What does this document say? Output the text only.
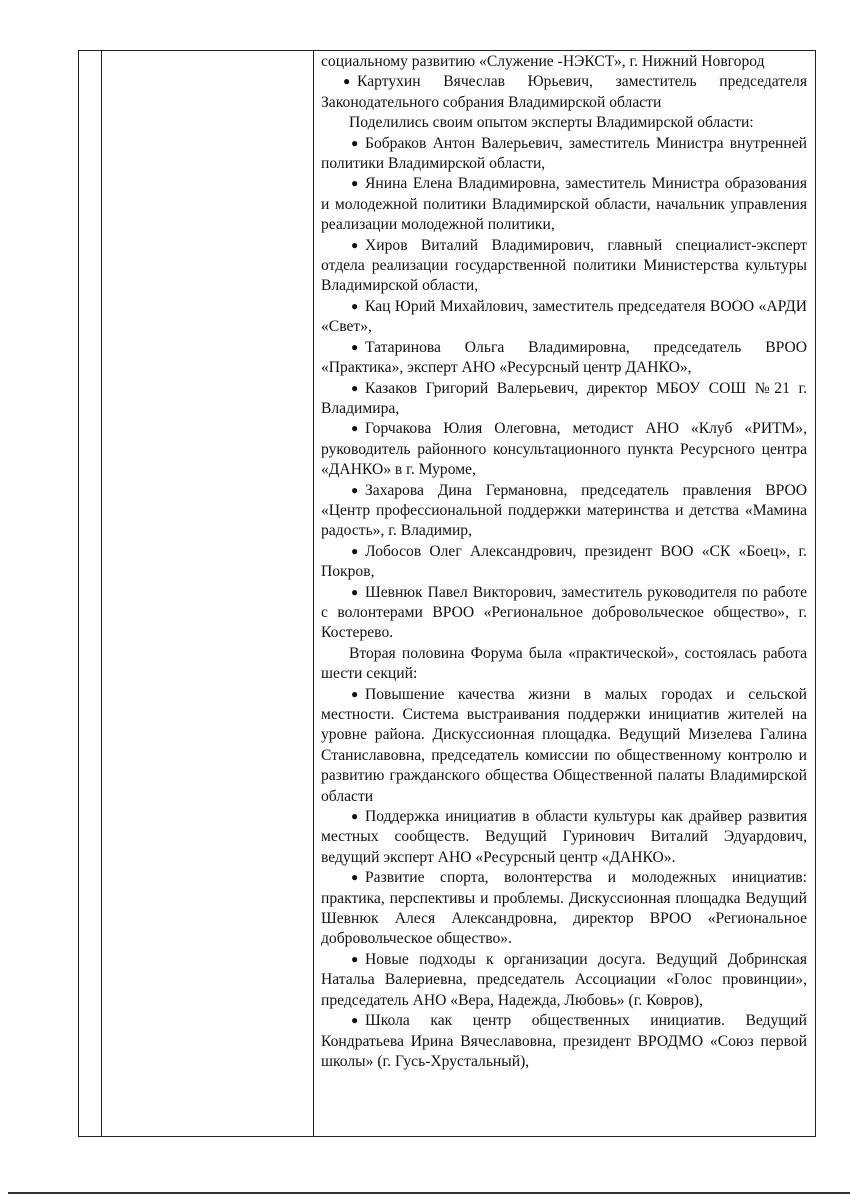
социальному развитию «Служение -НЭКСТ», г. Нижний Новгород

● Картухин Вячеслав Юрьевич, заместитель председателя Законодательного собрания Владимирской области

Поделились своим опытом эксперты Владимирской области:

● Бобраков Антон Валерьевич, заместитель Министра внутренней политики Владимирской области,

● Янина Елена Владимировна, заместитель Министра образования и молодежной политики Владимирской области, начальник управления реализации молодежной политики,

● Хиров Виталий Владимирович, главный специалист-эксперт отдела реализации государственной политики Министерства культуры Владимирской области,

● Кац Юрий Михайлович, заместитель председателя ВООО «АРДИ «Свет»,

● Татаринова Ольга Владимировна, председатель ВРОО «Практика», эксперт АНО «Ресурсный центр ДАНКО»,

● Казаков Григорий Валерьевич, директор МБОУ СОШ №21 г. Владимира,

● Горчакова Юлия Олеговна, методист АНО «Клуб «РИТМ», руководитель районного консультационного пункта Ресурсного центра «ДАНКО» в г. Муроме,

● Захарова Дина Германовна, председатель правления ВРОО «Центр профессиональной поддержки материнства и детства «Мамина радость», г. Владимир,

● Лобосов Олег Александрович, президент ВОО «СК «Боец», г. Покров,

● Шевнюк Павел Викторович, заместитель руководителя по работе с волонтерами ВРОО «Региональное добровольческое общество», г. Костерево.

Вторая половина Форума была «практической», состоялась работа шести секций:

● Повышение качества жизни в малых городах и сельской местности. Система выстраивания поддержки инициатив жителей на уровне района. Дискуссионная площадка. Ведущий Мизелева Галина Станиславовна, председатель комиссии по общественному контролю и развитию гражданского общества Общественной палаты Владимирской области

● Поддержка инициатив в области культуры как драйвер развития местных сообществ. Ведущий Гуринович Виталий Эдуардович, ведущий эксперт АНО «Ресурсный центр «ДАНКО».

● Развитие спорта, волонтерства и молодежных инициатив: практика, перспективы и проблемы. Дискуссионная площадка Ведущий Шевнюк Алеся Александровна, директор ВРОО «Региональное добровольческое общество».

● Новые подходы к организации досуга. Ведущий Добринская Натальа Валериевна, председатель Ассоциации «Голос провинции», председатель АНО «Вера, Надежда, Любовь» (г. Ковров),

● Школа как центр общественных инициатив. Ведущий Кондратьева Ирина Вячеславовна, президент ВРОДМО «Союз первой школы» (г. Гусь-Хрустальный),
